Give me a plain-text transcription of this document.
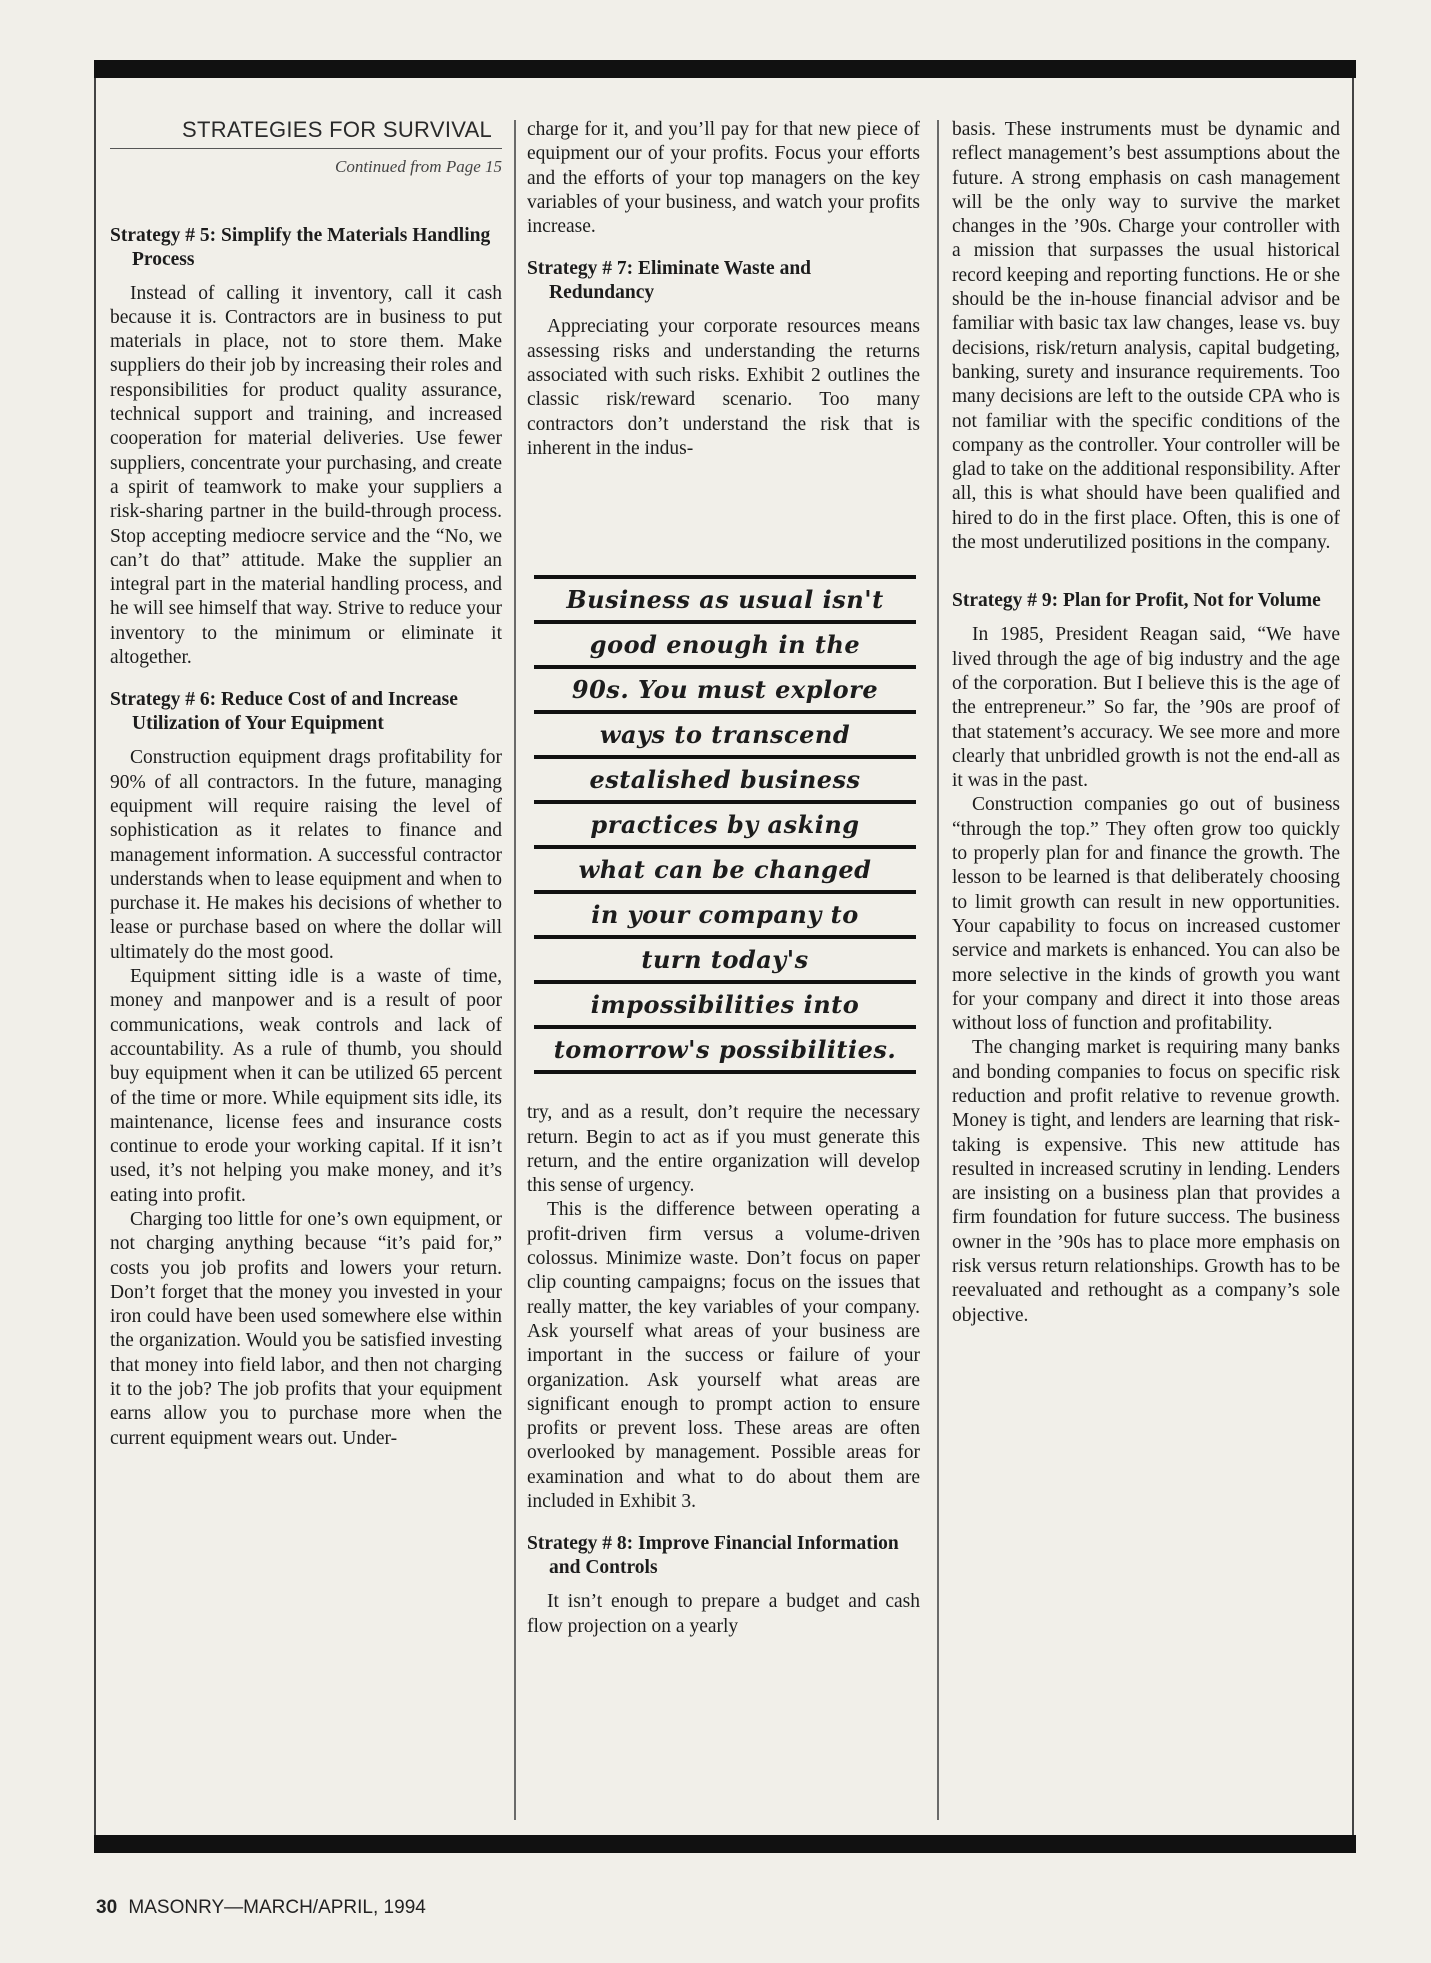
STRATEGIES FOR SURVIVAL
Continued from Page 15
Strategy # 5: Simplify the Materials Handling Process

Instead of calling it inventory, call it cash because it is. Contractors are in business to put materials in place, not to store them. Make suppliers do their job by increasing their roles and responsibilities for product quality assurance, technical support and training, and increased cooperation for material deliveries. Use fewer suppliers, concentrate your purchasing, and create a spirit of teamwork to make your suppliers a risk-sharing partner in the build-through process. Stop accepting mediocre service and the “No, we can’t do that” attitude. Make the supplier an integral part in the material handling process, and he will see himself that way. Strive to reduce your inventory to the minimum or eliminate it altogether.

Strategy # 6: Reduce Cost of and Increase Utilization of Your Equipment

Construction equipment drags profitability for 90% of all contractors. In the future, managing equipment will require raising the level of sophistication as it relates to finance and management information. A successful contractor understands when to lease equipment and when to purchase it. He makes his decisions of whether to lease or purchase based on where the dollar will ultimately do the most good.

Equipment sitting idle is a waste of time, money and manpower and is a result of poor communications, weak controls and lack of accountability. As a rule of thumb, you should buy equipment when it can be utilized 65 percent of the time or more. While equipment sits idle, its maintenance, license fees and insurance costs continue to erode your working capital. If it isn’t used, it’s not helping you make money, and it’s eating into profit.

Charging too little for one’s own equipment, or not charging anything because “it’s paid for,” costs you job profits and lowers your return. Don’t forget that the money you invested in your iron could have been used somewhere else within the organization. Would you be satisfied investing that money into field labor, and then not charging it to the job? The job profits that your equipment earns allow you to purchase more when the current equipment wears out. Under-

charge for it, and you’ll pay for that new piece of equipment our of your profits. Focus your efforts and the efforts of your top managers on the key variables of your business, and watch your profits increase.

Strategy # 7: Eliminate Waste and Redundancy

Appreciating your corporate resources means assessing risks and understanding the returns associated with such risks. Exhibit 2 outlines the classic risk/reward scenario. Too many contractors don’t understand the risk that is inherent in the indus-

try, and as a result, don’t require the necessary return. Begin to act as if you must generate this return, and the entire organization will develop this sense of urgency.

This is the difference between operating a profit-driven firm versus a volume-driven colossus. Minimize waste. Don’t focus on paper clip counting campaigns; focus on the issues that really matter, the key variables of your company. Ask yourself what areas of your business are important in the success or failure of your organization. Ask yourself what areas are significant enough to prompt action to ensure profits or prevent loss. These areas are often overlooked by management. Possible areas for examination and what to do about them are included in Exhibit 3.

Strategy # 8: Improve Financial Information and Controls

It isn’t enough to prepare a budget and cash flow projection on a yearly

Business as usual isn't
good enough in the
90s. You must explore
ways to transcend
estalished business
practices by asking
what can be changed
in your company to
turn today's
impossibilities into
tomorrow's possibilities.

basis. These instruments must be dynamic and reflect management’s best assumptions about the future. A strong emphasis on cash management will be the only way to survive the market changes in the ’90s. Charge your controller with a mission that surpasses the usual historical record keeping and reporting functions. He or she should be the in-house financial advisor and be familiar with basic tax law changes, lease vs. buy decisions, risk/return analysis, capital budgeting, banking, surety and insurance requirements. Too many decisions are left to the outside CPA who is not familiar with the specific conditions of the company as the controller. Your controller will be glad to take on the additional responsibility. After all, this is what should have been qualified and hired to do in the first place. Often, this is one of the most underutilized positions in the company.

Strategy # 9: Plan for Profit, Not for Volume

In 1985, President Reagan said, “We have lived through the age of big industry and the age of the corporation. But I believe this is the age of the entrepreneur.” So far, the ’90s are proof of that statement’s accuracy. We see more and more clearly that unbridled growth is not the end-all as it was in the past.

Construction companies go out of business “through the top.” They often grow too quickly to properly plan for and finance the growth. The lesson to be learned is that deliberately choosing to limit growth can result in new opportunities. Your capability to focus on increased customer service and markets is enhanced. You can also be more selective in the kinds of growth you want for your company and direct it into those areas without loss of function and profitability.

The changing market is requiring many banks and bonding companies to focus on specific risk reduction and profit relative to revenue growth. Money is tight, and lenders are learning that risk-taking is expensive. This new attitude has resulted in increased scrutiny in lending. Lenders are insisting on a business plan that provides a firm foundation for future success. The business owner in the ’90s has to place more emphasis on risk versus return relationships. Growth has to be reevaluated and rethought as a company’s sole objective.

30 MASONRY—MARCH/APRIL, 1994
